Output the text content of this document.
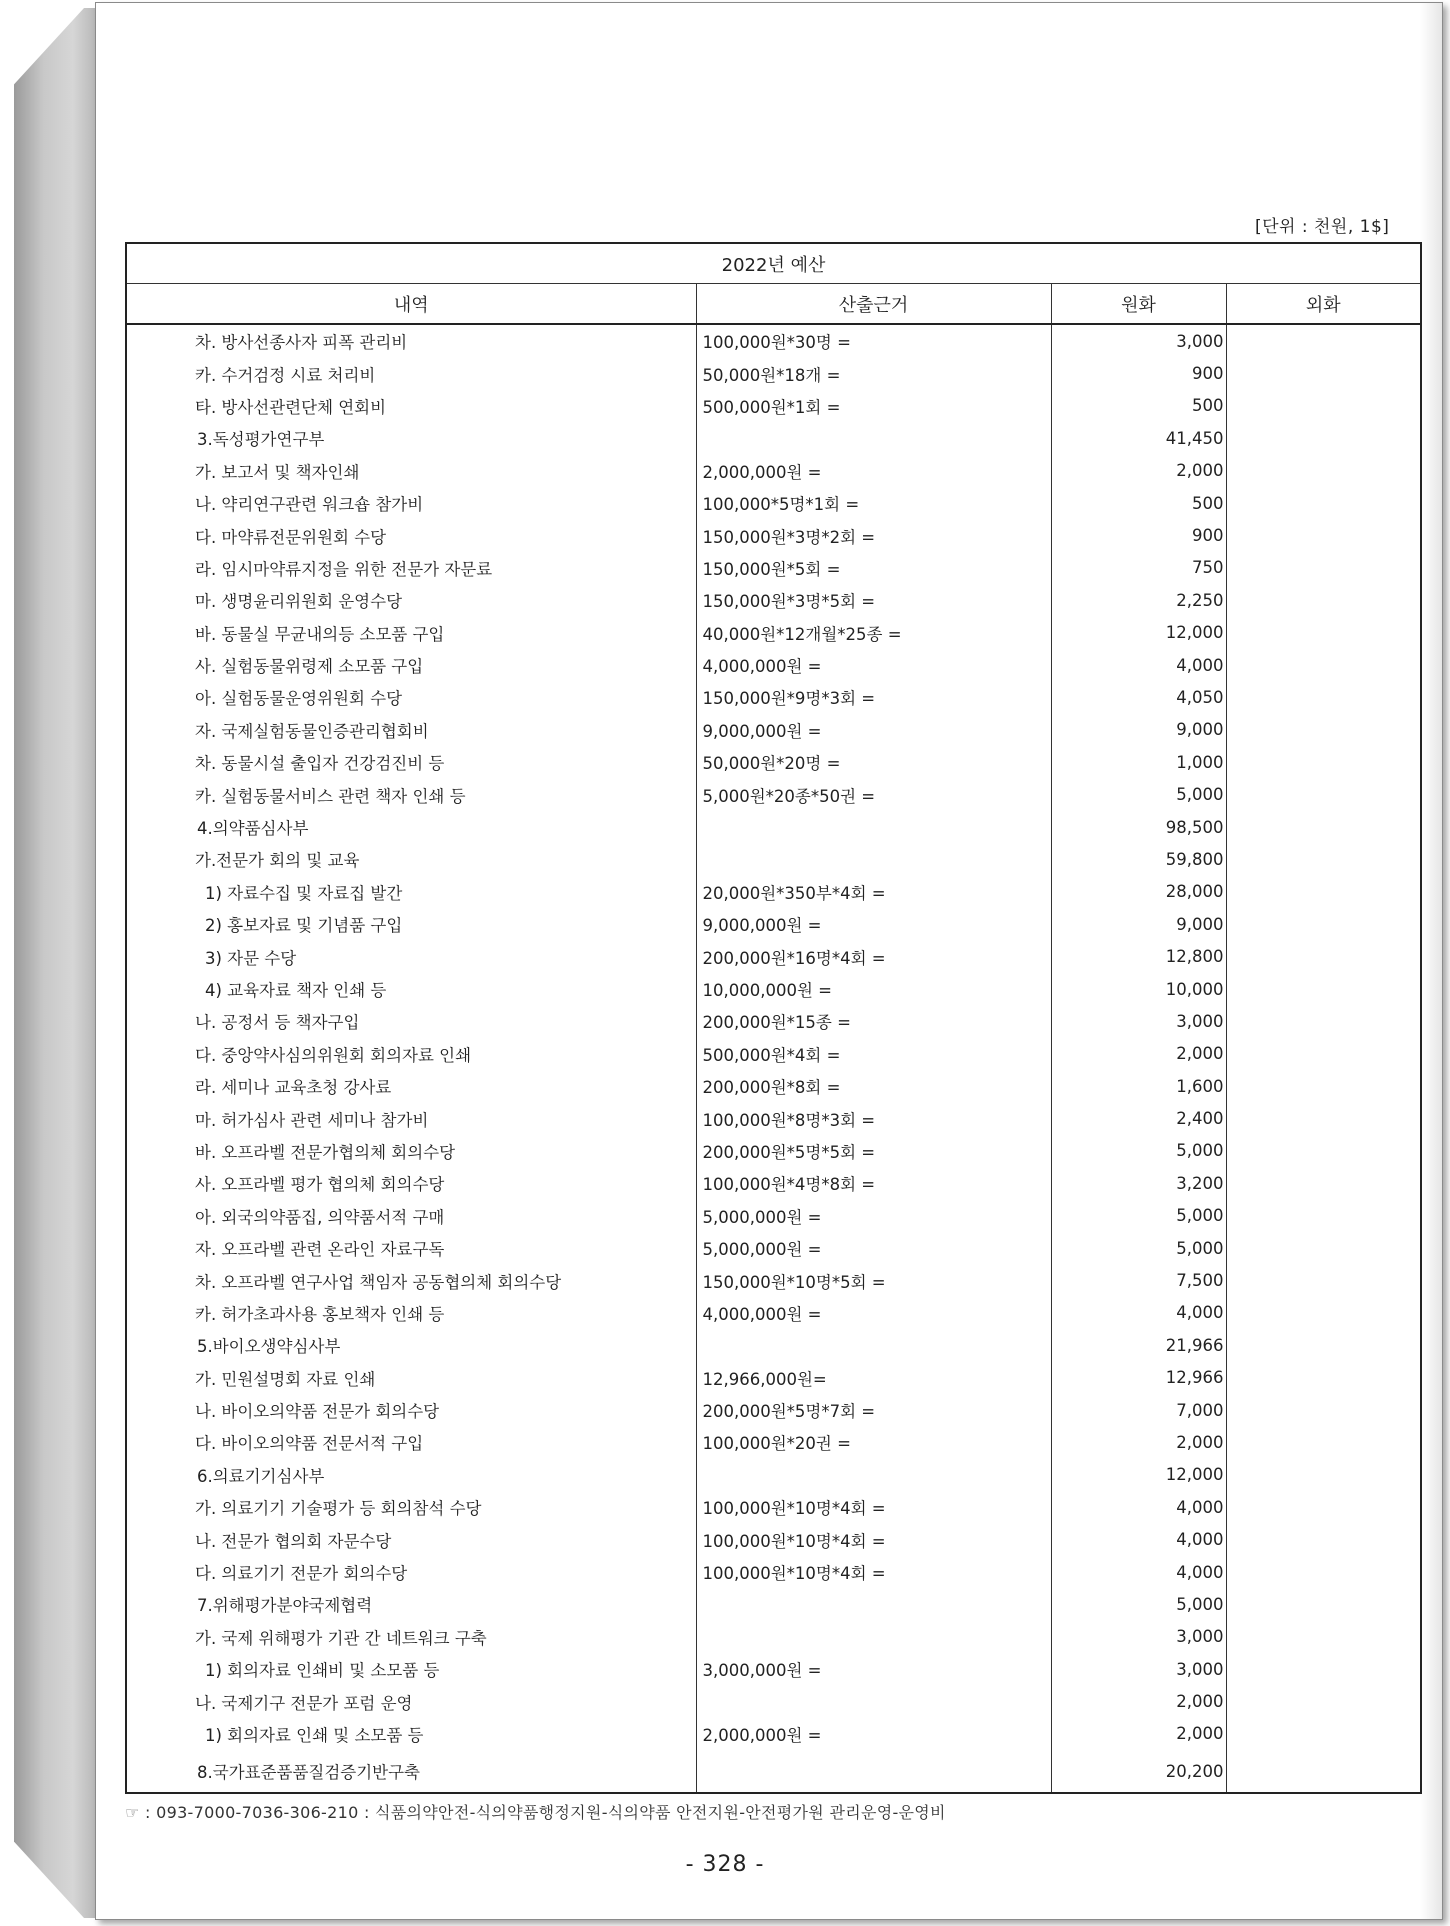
[단위 : 천원, 1$]
2022년 예산			
내역	산출근거	원화	외화
차. 방사선종사자 피폭 관리비	100,000원*30명 =	3,000	
카. 수거검정 시료 처리비	50,000원*18개 =	900	
타. 방사선관련단체 연회비	500,000원*1회 =	500	
3.독성평가연구부		41,450	
가. 보고서 및 책자인쇄	2,000,000원 =	2,000	
나. 약리연구관련 워크숍 참가비	100,000*5명*1회 =	500	
다. 마약류전문위원회 수당	150,000원*3명*2회 =	900	
라. 임시마약류지정을 위한 전문가 자문료	150,000원*5회 =	750	
마. 생명윤리위원회 운영수당	150,000원*3명*5회 =	2,250	
바. 동물실 무균내의등 소모품 구입	40,000원*12개월*25종 =	12,000	
사. 실험동물위령제 소모품 구입	4,000,000원 =	4,000	
아. 실험동물운영위원회 수당	150,000원*9명*3회 =	4,050	
자. 국제실험동물인증관리협회비	9,000,000원 =	9,000	
차. 동물시설 출입자 건강검진비 등	50,000원*20명 =	1,000	
카. 실험동물서비스 관련 책자 인쇄 등	5,000원*20종*50권 =	5,000	
4.의약품심사부		98,500	
가.전문가 회의 및 교육		59,800	
1) 자료수집 및 자료집 발간	20,000원*350부*4회 =	28,000	
2) 홍보자료 및 기념품 구입	9,000,000원 =	9,000	
3) 자문 수당	200,000원*16명*4회 =	12,800	
4) 교육자료 책자 인쇄 등	10,000,000원 =	10,000	
나. 공정서 등 책자구입	200,000원*15종 =	3,000	
다. 중앙약사심의위원회 회의자료 인쇄	500,000원*4회 =	2,000	
라. 세미나 교육초청 강사료	200,000원*8회 =	1,600	
마. 허가심사 관련 세미나 참가비	100,000원*8명*3회 =	2,400	
바. 오프라벨 전문가협의체 회의수당	200,000원*5명*5회 =	5,000	
사. 오프라벨 평가 협의체 회의수당	100,000원*4명*8회 =	3,200	
아. 외국의약품집, 의약품서적 구매	5,000,000원 =	5,000	
자. 오프라벨 관련 온라인 자료구독	5,000,000원 =	5,000	
차. 오프라벨 연구사업 책임자 공동협의체 회의수당	150,000원*10명*5회 =	7,500	
카. 허가초과사용 홍보책자 인쇄 등	4,000,000원 =	4,000	
5.바이오생약심사부		21,966	
가. 민원설명회 자료 인쇄	12,966,000원=	12,966	
나. 바이오의약품 전문가 회의수당	200,000원*5명*7회 =	7,000	
다. 바이오의약품 전문서적 구입	100,000원*20권 =	2,000	
6.의료기기심사부		12,000	
가. 의료기기 기술평가 등 회의참석 수당	100,000원*10명*4회 =	4,000	
나. 전문가 협의회 자문수당	100,000원*10명*4회 =	4,000	
다. 의료기기 전문가 회의수당	100,000원*10명*4회 =	4,000	
7.위해평가분야국제협력		5,000	
가. 국제 위해평가 기관 간 네트워크 구축		3,000	
1) 회의자료 인쇄비 및 소모품 등	3,000,000원 =	3,000	
나. 국제기구 전문가 포럼 운영		2,000	
1) 회의자료 인쇄 및 소모품 등	2,000,000원 =	2,000	
8.국가표준품품질검증기반구축		20,200	
☞ : 093-7000-7036-306-210 : 식품의약안전-식의약품행정지원-식의약품 안전지원-안전평가원 관리운영-운영비
- 328 -
